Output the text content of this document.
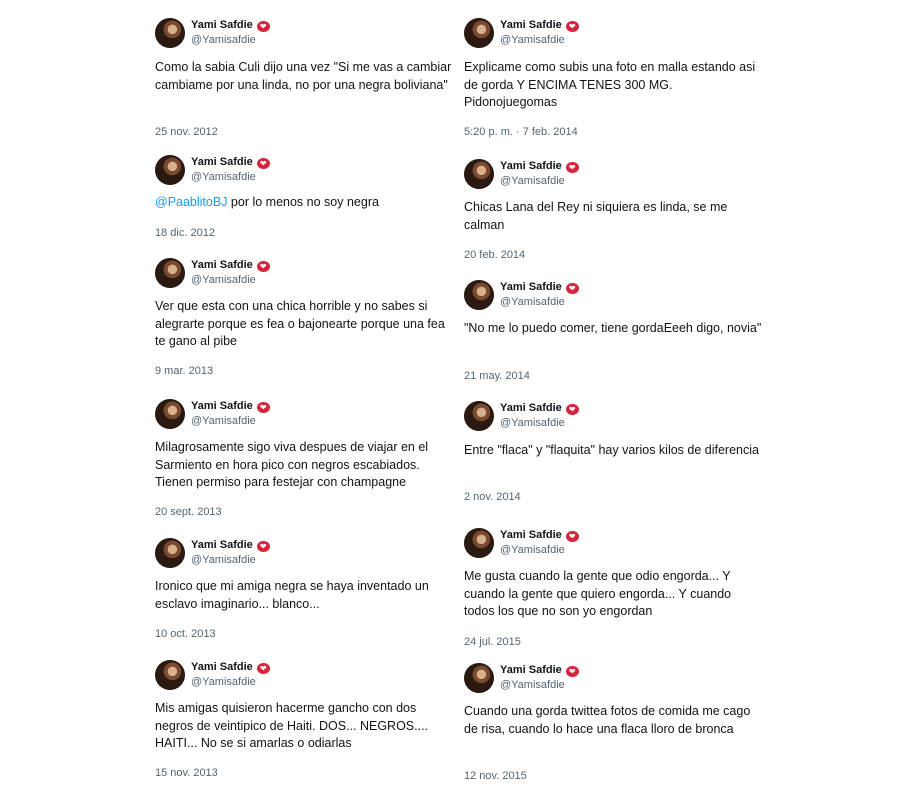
Yami Safdie ❤
@Yamisafdie
Como la sabia Culi dijo una vez "Si me vas a cambiar cambiame por una linda, no por una negra boliviana"
25 nov. 2012
Yami Safdie ❤
@Yamisafdie
@PaablitoBJ por lo menos no soy negra
18 dic. 2012
Yami Safdie ❤
@Yamisafdie
Ver que esta con una chica horrible y no sabes si alegrarte porque es fea o bajonearte porque una fea te gano al pibe
9 mar. 2013
Yami Safdie ❤
@Yamisafdie
Milagrosamente sigo viva despues de viajar en el Sarmiento en hora pico con negros escabiados. Tienen permiso para festejar con champagne
20 sept. 2013
Yami Safdie ❤
@Yamisafdie
Ironico que mi amiga negra se haya inventado un esclavo imaginario... blanco...
10 oct. 2013
Yami Safdie ❤
@Yamisafdie
Mis amigas quisieron hacerme gancho con dos negros de veintipico de Haiti. DOS... NEGROS.... HAITI... No se si amarlas o odiarlas
15 nov. 2013
Yami Safdie ❤
@Yamisafdie
Explicame como subis una foto en malla estando asi de gorda Y ENCIMA TENES 300 MG. Pidonojuegomas
5:20 p. m. · 7 feb. 2014
Yami Safdie ❤
@Yamisafdie
Chicas Lana del Rey ni siquiera es linda, se me calman
20 feb. 2014
Yami Safdie ❤
@Yamisafdie
"No me lo puedo comer, tiene gordaEeeh digo, novia"
21 may. 2014
Yami Safdie ❤
@Yamisafdie
Entre "flaca" y "flaquita" hay varios kilos de diferencia
2 nov. 2014
Yami Safdie ❤
@Yamisafdie
Me gusta cuando la gente que odio engorda... Y cuando la gente que quiero engorda... Y cuando todos los que no son yo engordan
24 jul. 2015
Yami Safdie ❤
@Yamisafdie
Cuando una gorda twittea fotos de comida me cago de risa, cuando lo hace una flaca lloro de bronca
12 nov. 2015
